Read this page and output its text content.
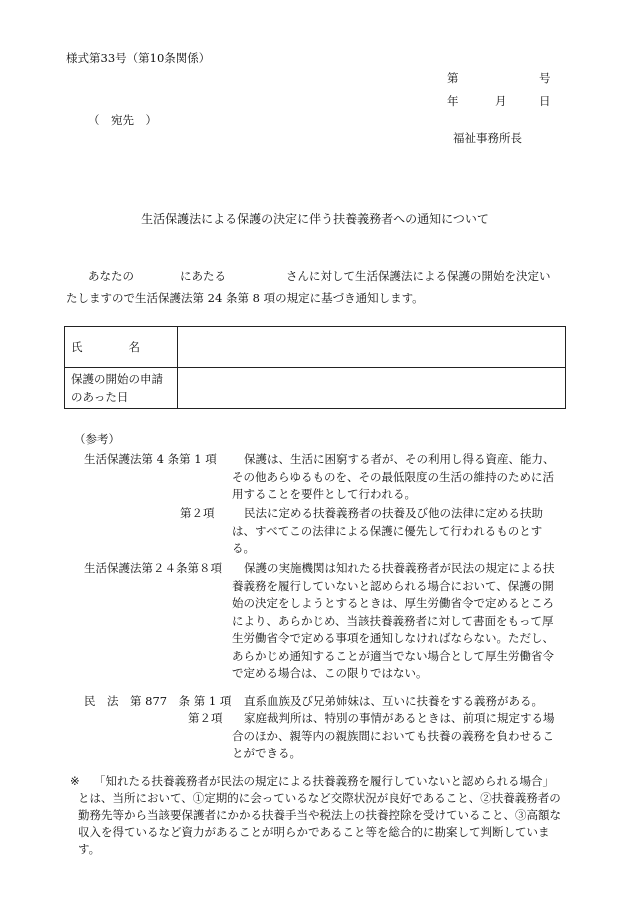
様式第33号（第10条関係）
第	号
年	月	日
（　宛先　）
福祉事務所長
生活保護法による保護の決定に伴う扶養義務者への通知について
あなたの	にあたる	さんに対して生活保護法による保護の開始を決定い
たしますので生活保護法第 24 条第 8 項の規定に基づき通知します。
氏　　　　名	

保護の開始の申請
のあった日	

（参考）
生活保護法第 4 条第 1 項	保護は、生活に困窮する者が、その利用し得る資産、能力、その他あらゆるものを、その最低限度の生活の維持のために活用することを要件として行われる。
第２項	民法に定める扶養義務者の扶養及び他の法律に定める扶助は、すべてこの法律による保護に優先して行われるものとする。
生活保護法第２４条第８項	保護の実施機関は知れたる扶養義務者が民法の規定による扶養義務を履行していないと認められる場合において、保護の開始の決定をしようとするときは、厚生労働省令で定めるところにより、あらかじめ、当該扶養義務者に対して書面をもって厚生労働省令で定める事項を通知しなければならない。ただし、あらかじめ通知することが適当でない場合として厚生労働省令で定める場合は、この限りではない。
民　法　第 877　条 第 1 項	直系血族及び兄弟姉妹は、互いに扶養をする義務がある。
第２項	家庭裁判所は、特別の事情があるときは、前項に規定する場合のほか、親等内の親族間においても扶養の義務を負わせることができる。
※	「知れたる扶養義務者が民法の規定による扶養義務を履行していないと認められる場合」とは、当所において、①定期的に会っているなど交際状況が良好であること、②扶養義務者の勤務先等から当該要保護者にかかる扶養手当や税法上の扶養控除を受けていること、③高額な収入を得ているなど資力があることが明らかであること等を総合的に勘案して判断しています。
